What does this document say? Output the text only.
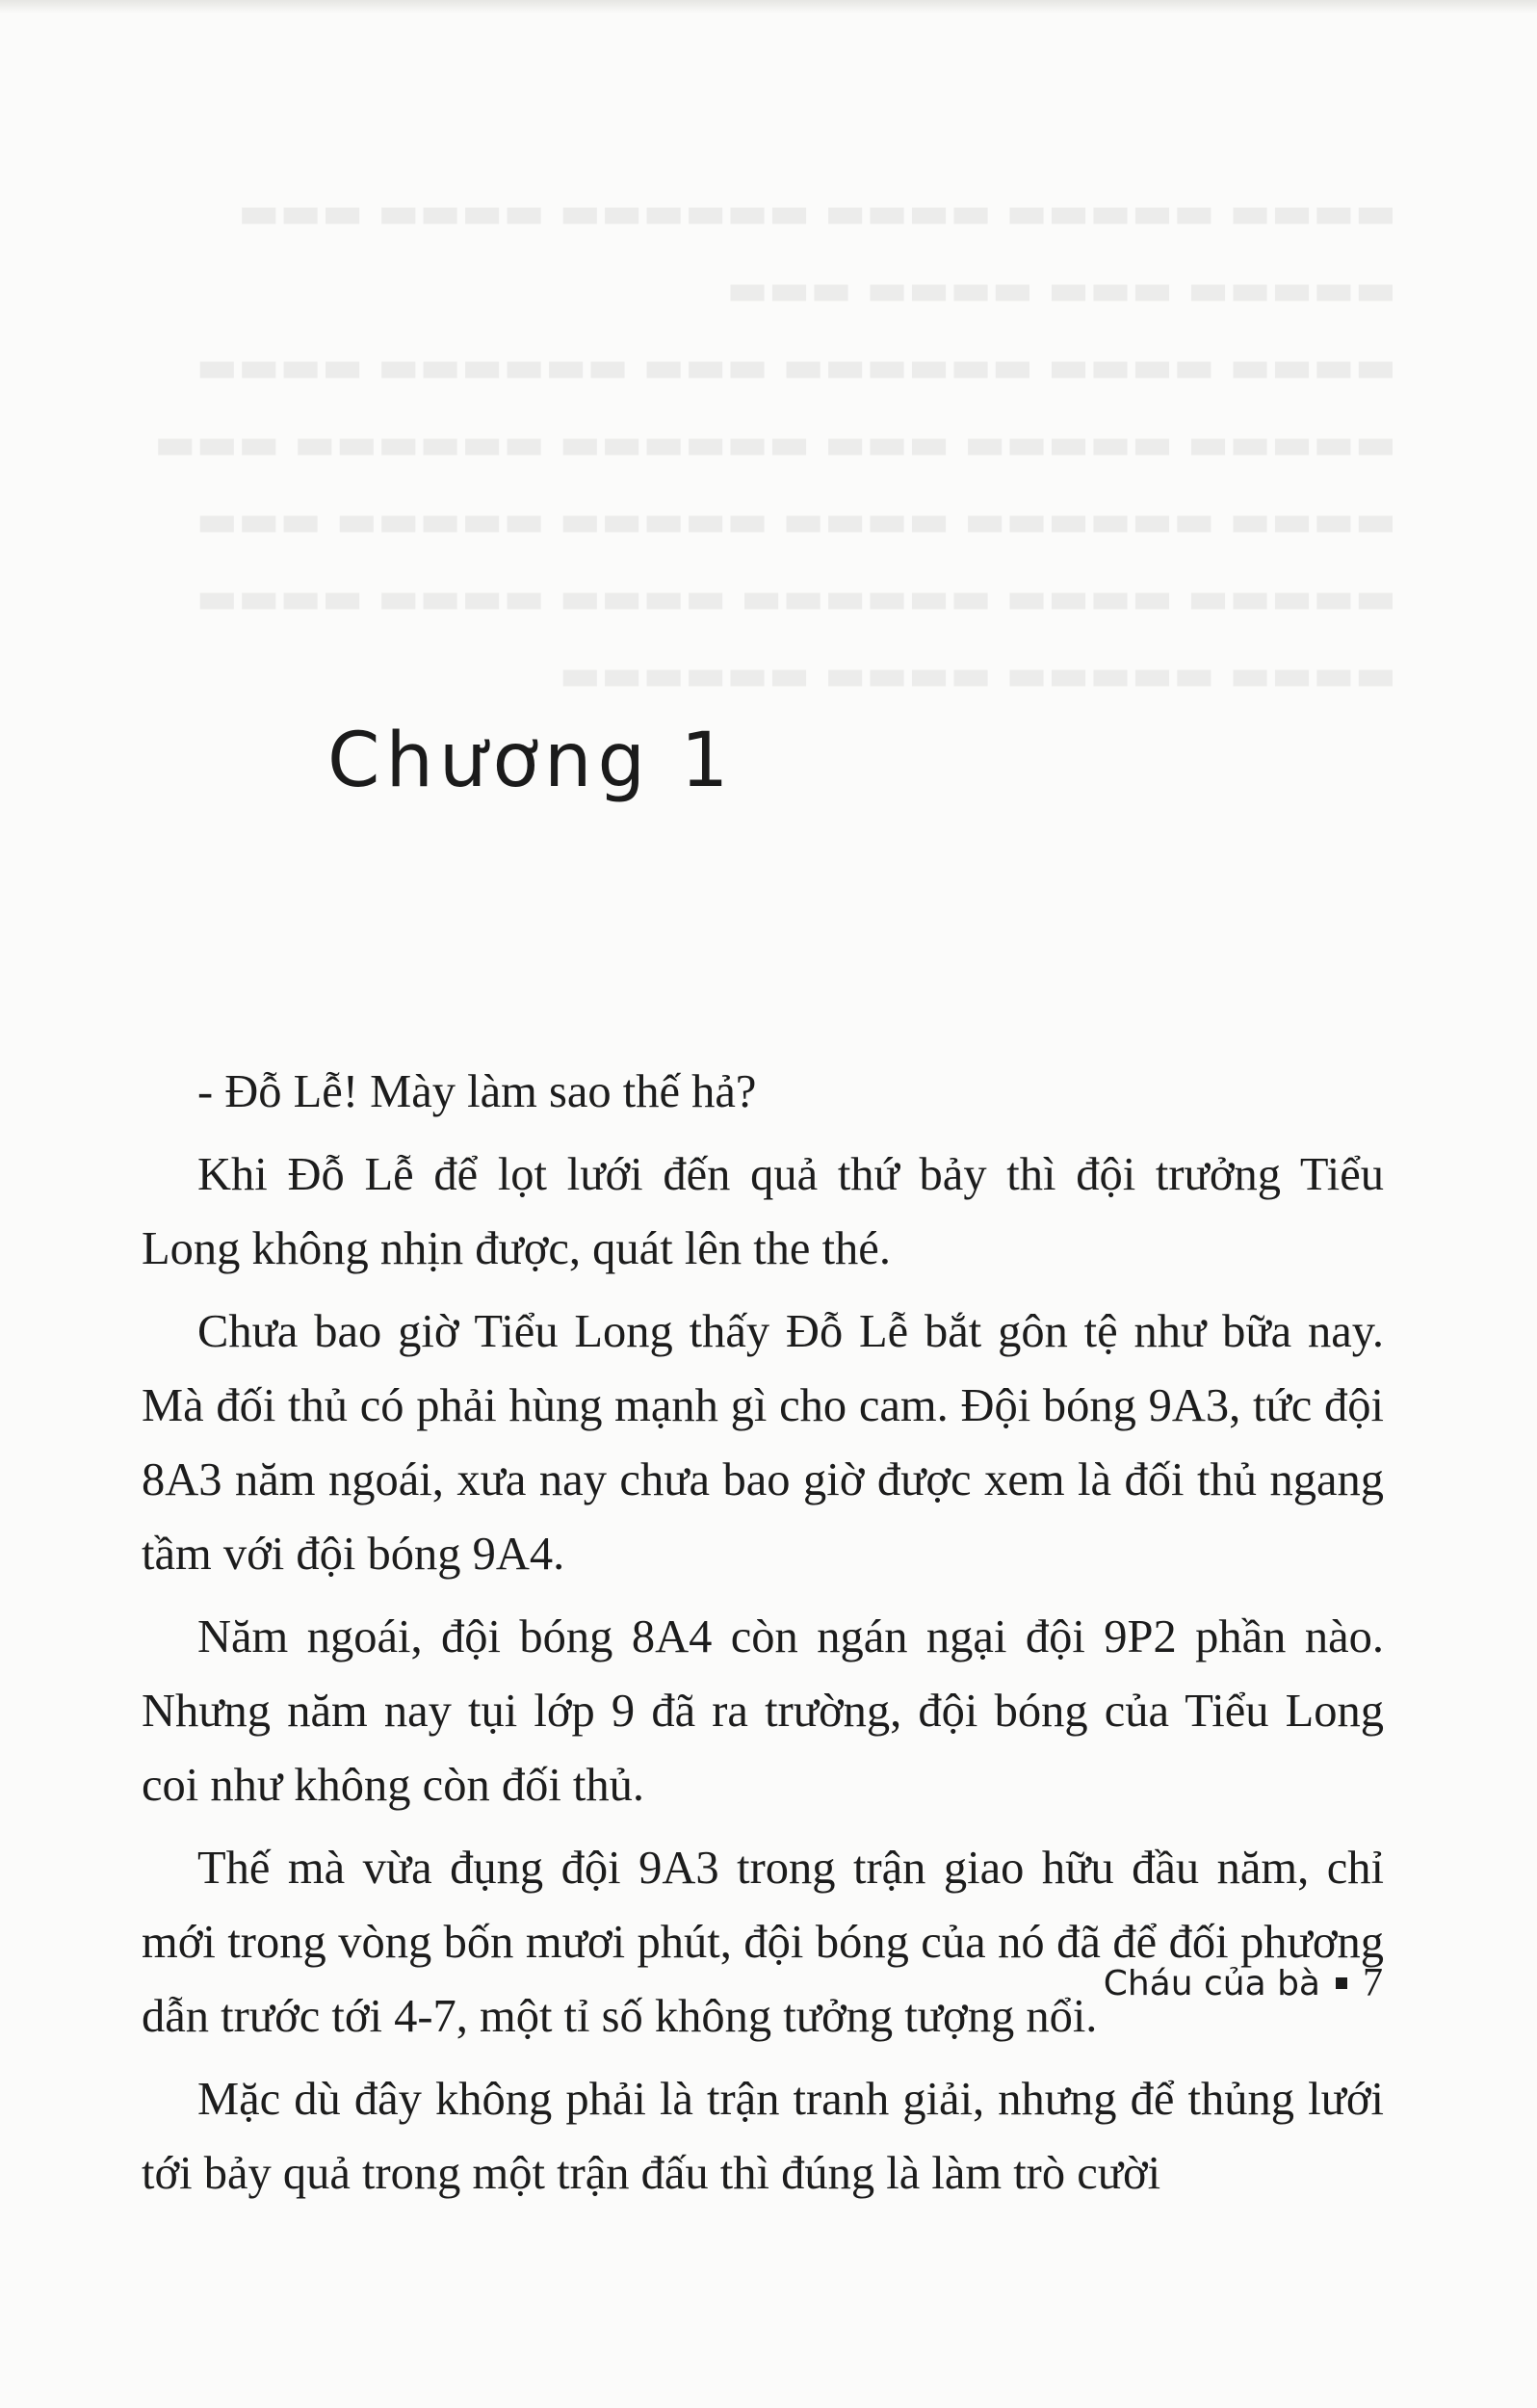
▬▬▬▬ ▬▬▬▬▬ ▬▬▬▬ ▬▬▬▬▬▬ ▬▬▬▬ ▬▬▬
▬▬▬▬▬ ▬▬▬ ▬▬▬▬ ▬▬▬
▬▬▬▬ ▬▬▬▬ ▬▬▬▬▬▬ ▬▬▬ ▬▬▬▬▬▬ ▬▬▬▬
▬▬▬▬▬ ▬▬▬▬▬ ▬▬▬ ▬▬▬▬▬▬ ▬▬▬▬▬▬ ▬▬▬
▬▬▬▬ ▬▬▬▬▬▬ ▬▬▬▬ ▬▬▬▬▬ ▬▬▬▬▬ ▬▬▬
▬▬▬▬▬ ▬▬▬▬ ▬▬▬▬▬▬ ▬▬▬▬ ▬▬▬▬ ▬▬▬▬
▬▬▬▬ ▬▬▬▬▬ ▬▬▬▬ ▬▬▬▬▬▬
Chương 1

- Đỗ Lễ! Mày làm sao thế hả?

Khi Đỗ Lễ để lọt lưới đến quả thứ bảy thì đội trưởng Tiểu Long không nhịn được, quát lên the thé.

Chưa bao giờ Tiểu Long thấy Đỗ Lễ bắt gôn tệ như bữa nay. Mà đối thủ có phải hùng mạnh gì cho cam. Đội bóng 9A3, tức đội 8A3 năm ngoái, xưa nay chưa bao giờ được xem là đối thủ ngang tầm với đội bóng 9A4.

Năm ngoái, đội bóng 8A4 còn ngán ngại đội 9P2 phần nào. Nhưng năm nay tụi lớp 9 đã ra trường, đội bóng của Tiểu Long coi như không còn đối thủ.

Thế mà vừa đụng đội 9A3 trong trận giao hữu đầu năm, chỉ mới trong vòng bốn mươi phút, đội bóng của nó đã để đối phương dẫn trước tới 4-7, một tỉ số không tưởng tượng nổi.

Mặc dù đây không phải là trận tranh giải, nhưng để thủng lưới tới bảy quả trong một trận đấu thì đúng là làm trò cười

Cháu của bà 7
